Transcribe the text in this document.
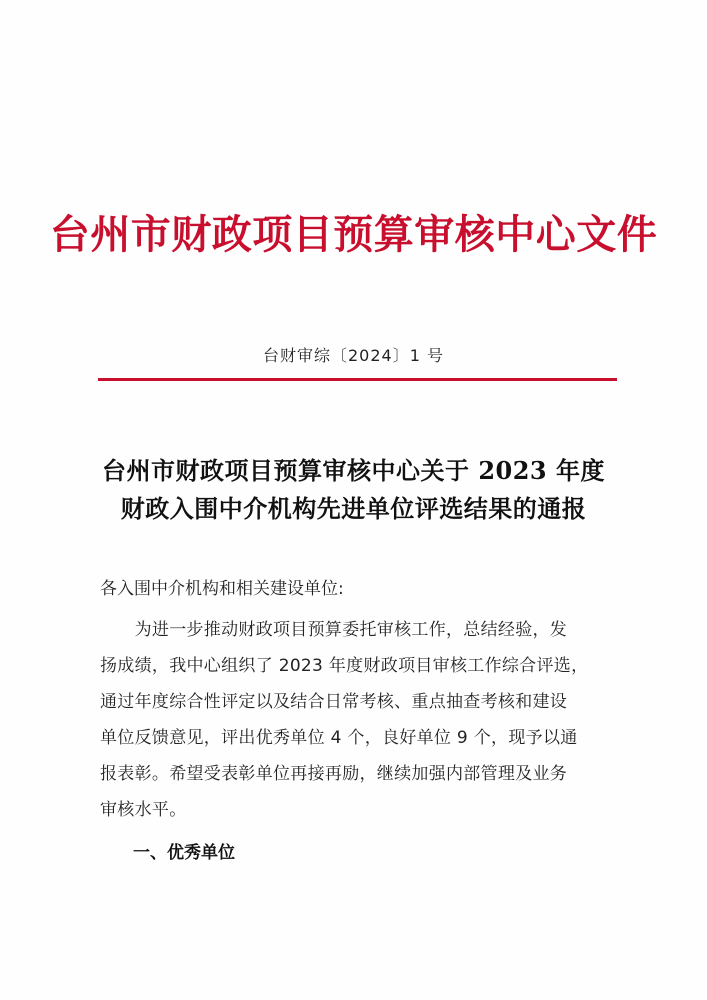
台州市财政项目预算审核中心文件
台财审综〔2024〕1 号
台州市财政项目预算审核中心关于 2023 年度
财政入围中介机构先进单位评选结果的通报
各入围中介机构和相关建设单位:
　　为进一步推动财政项目预算委托审核工作，总结经验，发
扬成绩，我中心组织了 2023 年度财政项目审核工作综合评选，
通过年度综合性评定以及结合日常考核、重点抽查考核和建设
单位反馈意见，评出优秀单位 4 个，良好单位 9 个，现予以通
报表彰。希望受表彰单位再接再励，继续加强内部管理及业务
审核水平。
一、优秀单位
